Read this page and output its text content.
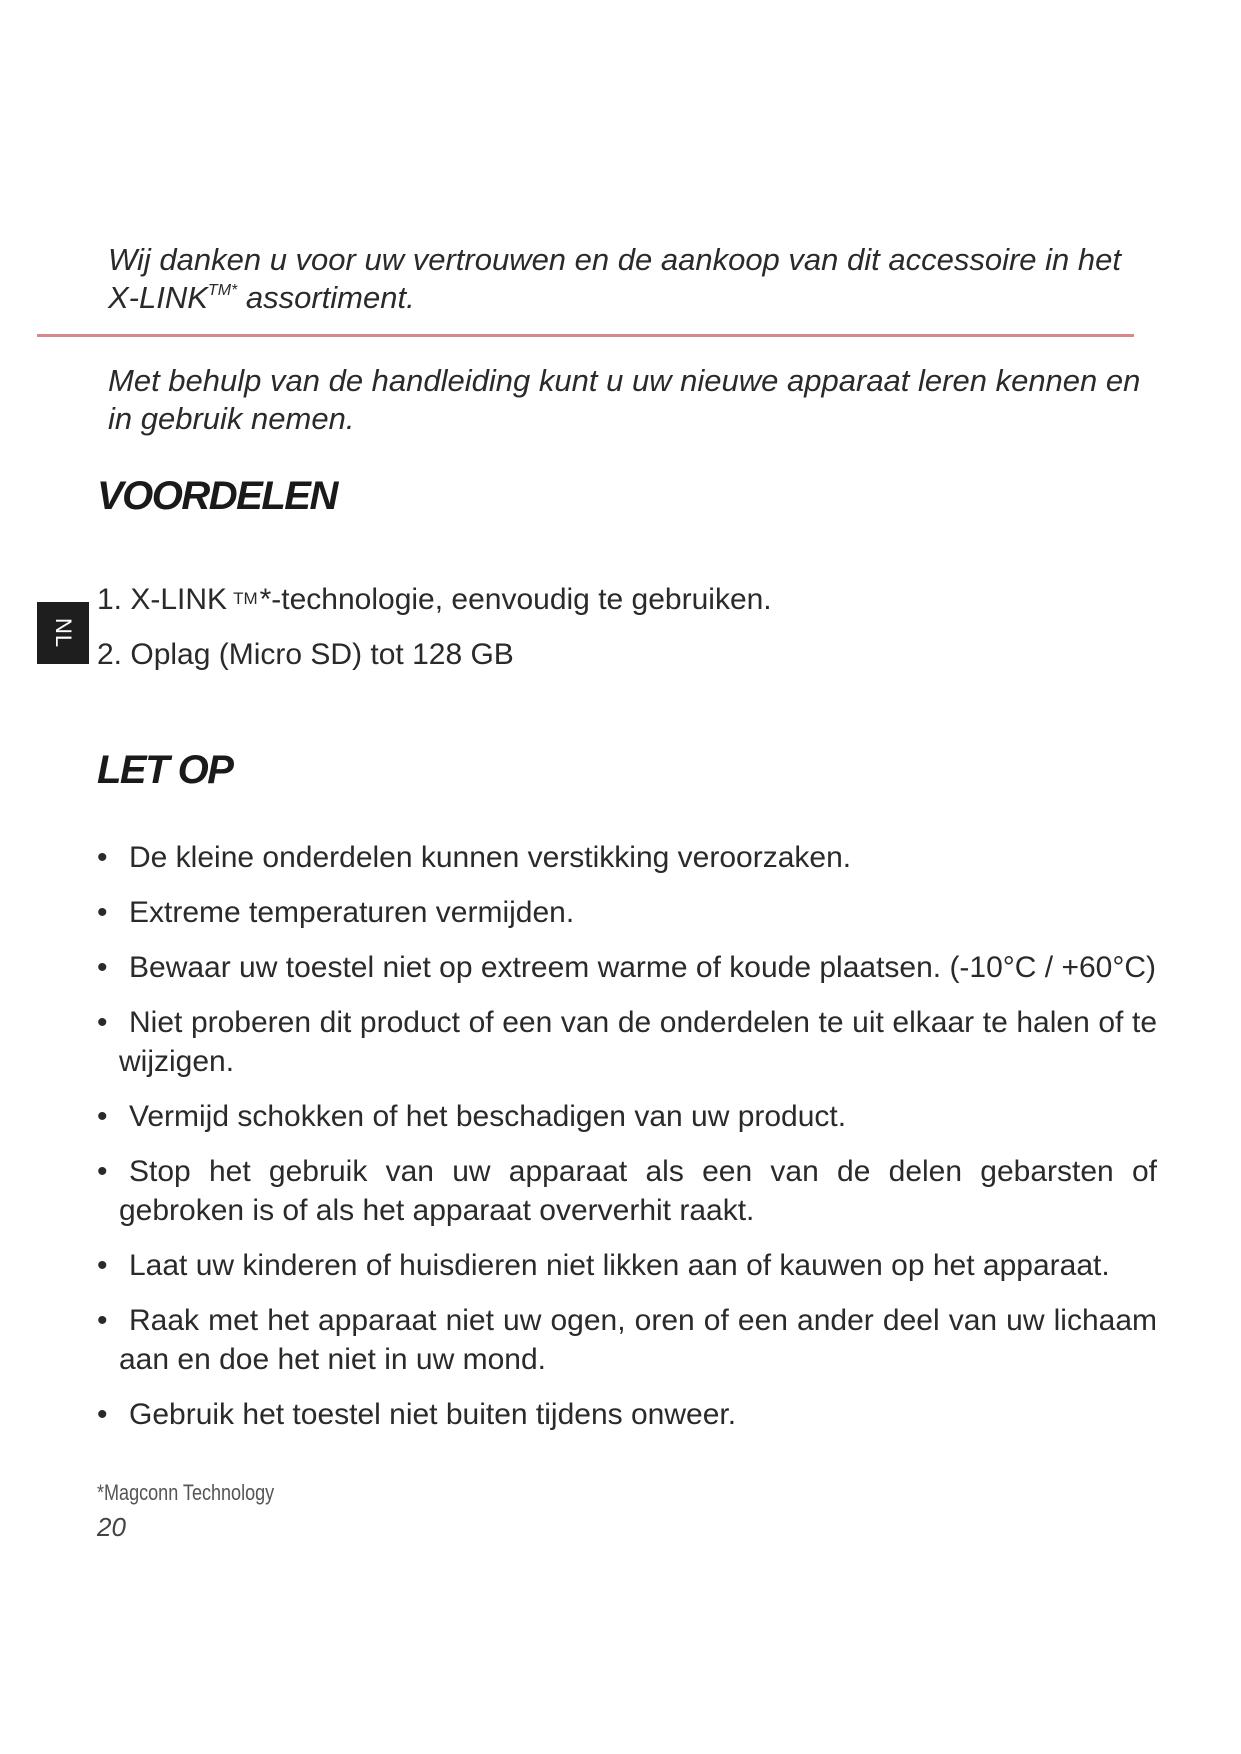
Wij danken u voor uw vertrouwen en de aankoop van dit accessoire in het $X-LINK^{TM*}$ assortiment.

Met behulp van de handleiding kunt u uw nieuwe apparaat leren kennen en in gebruik nemen.

VOORDELEN
NL
1. X-LINK TM*-technologie, eenvoudig te gebruiken.
2. Oplag (Micro SD) tot 128 GB
LET OP
• De kleine onderdelen kunnen verstikking veroorzaken.
• Extreme temperaturen vermijden.
• Bewaar uw toestel niet op extreem warme of koude plaatsen. (-10°C / +60°C)
• Niet proberen dit product of een van de onderdelen te uit elkaar te halen of te wijzigen.
• Vermijd schokken of het beschadigen van uw product.
• Stop het gebruik van uw apparaat als een van de delen gebarsten of gebroken is of als het apparaat oververhit raakt.
• Laat uw kinderen of huisdieren niet likken aan of kauwen op het apparaat.
• Raak met het apparaat niet uw ogen, oren of een ander deel van uw lichaam aan en doe het niet in uw mond.
• Gebruik het toestel niet buiten tijdens onweer.

*Magconn Technology

20
